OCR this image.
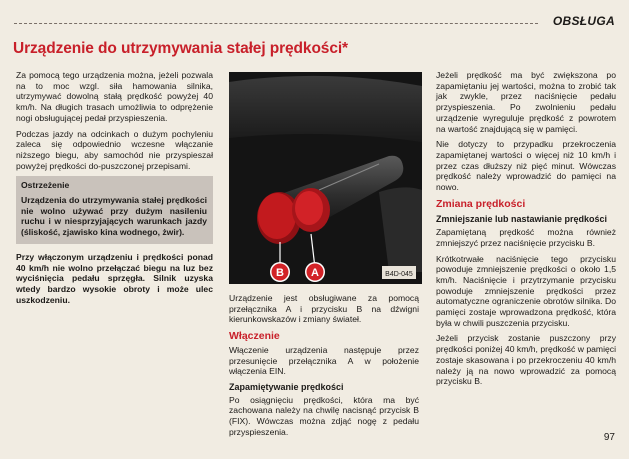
OBSŁUGA
Urządzenie do utrzymywania stałej prędkości*

Za pomocą tego urządzenia można, jeżeli pozwala na to moc wzgl. siła hamowania silnika, utrzymywać dowolną stałą prędkość powyżej 40 km/h. Na długich trasach umożliwia to odprężenie nogi obsługującej pedał przyspieszenia.

Podczas jazdy na odcinkach o dużym pochyleniu zaleca się odpowiednio wczesne włączanie niższego biegu, aby samochód nie przyspieszał powyżej prędkości do-puszczonej przepisami.

Ostrzeżenie
Urządzenia do utrzymywania stałej prędkości nie wolno używać przy dużym nasileniu ruchu i w niesprzyjających warunkach jazdy (śliskość, zjawisko kina wodnego, żwir).

Przy włączonym urządzeniu i prędkości ponad 40 km/h nie wolno przełączać biegu na luz bez wyciśnięcia pedału sprzęgła. Silnik uzyska wtedy bardzo wysokie obroty i może ulec uszkodzeniu.

B A	B4D-045

Urządzenie jest obsługiwane za pomocą przełącznika A i przycisku B na dźwigni kierunkowskazów i zmiany świateł.

Włączenie

Włączenie urządzenia następuje przez przesunięcie przełącznika A w położenie włączenia EIN.

Zapamiętywanie prędkości

Po osiągnięciu prędkości, która ma być zachowana należy na chwilę nacisnąć przycisk B (FIX). Wówczas można zdjąć nogę z pedału przyspieszenia.

Jeżeli prędkość ma być zwiększona po zapamiętaniu jej wartości, można to zrobić tak jak zwykle, przez naciśnięcie pedału przyspieszenia. Po zwolnieniu pedału urządzenie wyreguluje prędkość z powrotem na wartość znajdującą się w pamięci.

Nie dotyczy to przypadku przekroczenia zapamiętanej wartości o więcej niż 10 km/h i przez czas dłuższy niż pięć minut. Wówczas prędkość należy wprowadzić do pamięci na nowo.

Zmiana prędkości
Zmniejszanie lub nastawianie prędkości

Zapamiętaną prędkość można również zmniejszyć przez naciśnięcie przycisku B.

Krótkotrwałe naciśnięcie tego przycisku powoduje zmniejszenie prędkości o około 1,5 km/h. Naciśnięcie i przytrzymanie przycisku powoduje zmniejszenie prędkości przez automatyczne ograniczenie obrotów silnika. Do pamięci zostaje wprowadzona prędkość, która była w chwili puszczenia przycisku.

Jeżeli przycisk zostanie puszczony przy prędkości poniżej 40 km/h, prędkość w pamięci zostaje skasowana i po przekroczeniu 40 km/h należy ją na nowo wprowadzić za pomocą przycisku B.

97
